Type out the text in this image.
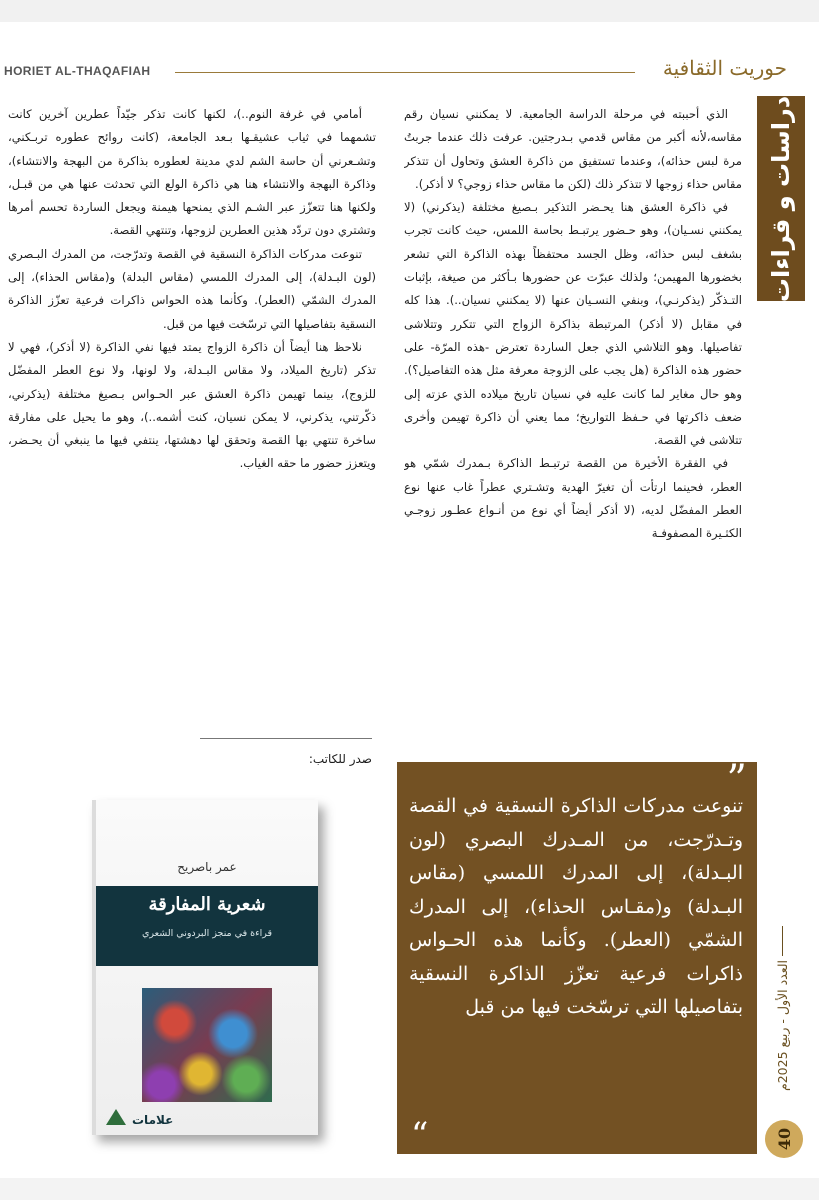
HORIET AL-THAQAFIAH	حوريت الثقافية
دراسات و قراءات

الذي أحببته في مرحلة الدراسة الجامعية. لا يمكنني نسيان رقم مقاسه،لأنه أكبر من مقاس قدمي بـدرجتين. عرفت ذلك عندما جربتُ مرة لبس حذائه)، وعندما تستفيق من ذاكرة العشق وتحاول أن تتذكر مقاس حذاء زوجها لا تتذكر ذلك (لكن ما مقاس حذاء زوجي؟ لا أذكر).

في ذاكرة العشق هنا يحـضر التذكير بـصيغ مختلفة (يذكرني) (لا يمكنني نسـيان)، وهو حـضور يرتبـط بحاسة اللمس، حيث كانت تجرب بشغف لبس حذائه، وظل الجسد محتفظاً بهذه الذاكرة التي تشعر بخضورها المهيمن؛ ولذلك عبرّت عن حضورها بـأكثر من صيغة، بإثبات التـذكّر (يذكرنـي)، وبنفي النسـيان عنها (لا يمكنني نسيان..). هذا كله في مقابل (لا أذكر) المرتبطة بذاكرة الزواج التي تتكرر وتتلاشى تفاصيلها. وهو التلاشي الذي جعل الساردة تعترض -هذه المرّة- على حضور هذه الذاكرة (هل يجب على الزوجة معرفة مثل هذه التفاصيل؟). وهو حال مغاير لما كانت عليه في نسيان تاريخ ميلاده الذي عزته إلى ضعف ذاكرتها في حـفظ التواريخ؛ مما يعني أن ذاكرة تهيمن وأخرى تتلاشى في القصة.

في الفقرة الأخيرة من القصة ترتبـط الذاكرة بـمدرك شمّي هو العطر، فحينما ارتأت أن تغيرّ الهدية وتشـتري عطراً غاب عنها نوع العطر المفضّل لديه، (لا أذكر أيضاً أي نوع من أنـواع عطـور زوجـي الكثـيرة المصفوفـة

أمامي في غرفة النوم..)، لكنها كانت تذكر جيّداً عطرين آخرين كانت تشمهما في ثياب عشيقـها بـعد الجامعة، (كانت روائح عطوره تربـكني، وتشـعرني أن حاسة الشم لدي مدينة لعطوره بذاكرة من البهجة والانتشاء)، وذاكرة البهجة والانتشاء هنا هي ذاكرة الولع التي تحدثت عنها هي من قبـل، ولكنها هنا تتعزّز عبر الشـم الذي يمنحها هيمنة ويجعل الساردة تحسم أمرها وتشتري دون تردّد هذين العطرين لزوجها، وتنتهي القصة.

تنوعت مدركات الذاكرة النسقية في القصة وتدرّجت، من المدرك البـصري (لون البـدلة)، إلى المدرك اللمسي (مقاس البدلة) و(مقاس الحذاء)، إلى المدرك الشمّي (العطر). وكأنما هذه الحواس ذاكرات فرعية تعزّز الذاكرة النسقية بتفاصيلها التي ترسّخت فيها من قبل.

نلاحظ هنا أيضاً أن ذاكرة الزواج يمتد فيها نفي الذاكرة (لا أذكر)، فهي لا تذكر (تاريخ الميلاد، ولا مقاس البـدلة، ولا لونها، ولا نوع العطر المفضّل للزوج)، بينما تهيمن ذاكرة العشق عبر الحـواس بـصيغ مختلفة (يذكرني، ذكّرتني، يذكرني، لا يمكن نسيان، كنت أشمه..)، وهو ما يحيل على مفارقة ساخرة تنتهي بها القصة وتحقق لها دهشتها، ينتفي فيها ما ينبغي أن يحـضر، ويتعزز حضور ما حقه الغياب.

صدر للكاتب:
عمر باصريح
شعرية المفارقة
قراءة في منجز البردوني الشعري
علامات
”
تنوعت مدركات الذاكرة النسقية في القصة وتـدرّجت، من المـدرك البصري (لون البـدلة)، إلى المدرك اللمسي (مقاس البـدلة) و(مقـاس الحذاء)، إلى المدرك الشمّي (العطر). وكأنما هذه الحـواس ذاكرات فرعية تعزّز الذاكرة النسقية بتفاصيلها التي ترسّخت فيها من قبل
“
العدد الأول - ربيع 2025م
40
